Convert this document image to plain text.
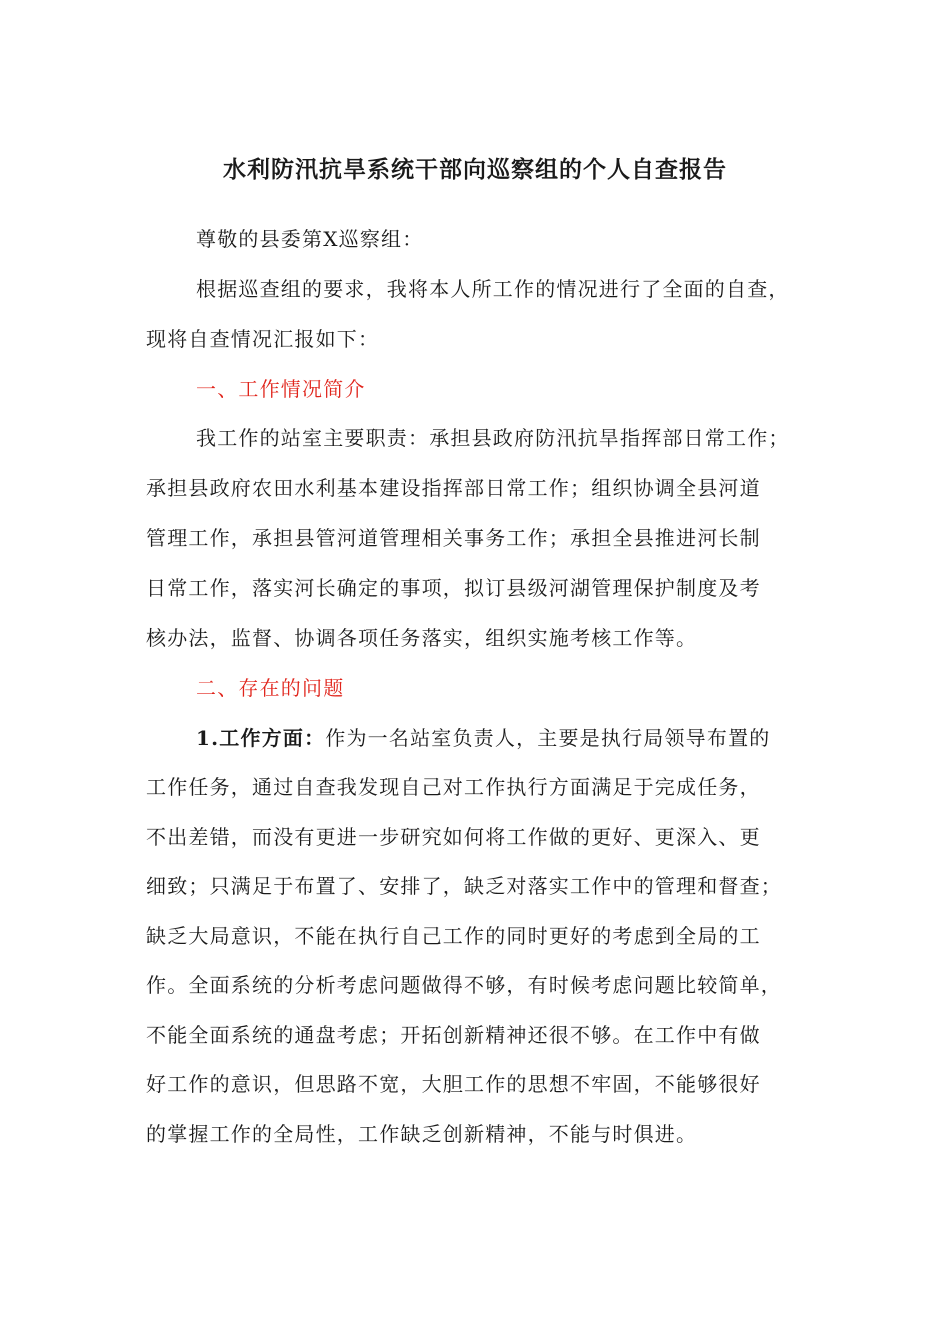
水利防汛抗旱系统干部向巡察组的个人自查报告
尊敬的县委第X巡察组：
根据巡查组的要求，我将本人所工作的情况进行了全面的自查，
现将自查情况汇报如下：
一、工作情况简介
我工作的站室主要职责：承担县政府防汛抗旱指挥部日常工作；
承担县政府农田水利基本建设指挥部日常工作；组织协调全县河道
管理工作，承担县管河道管理相关事务工作；承担全县推进河长制
日常工作，落实河长确定的事项，拟订县级河湖管理保护制度及考
核办法，监督、协调各项任务落实，组织实施考核工作等。
二、存在的问题
1.工作方面：作为一名站室负责人，主要是执行局领导布置的
工作任务，通过自查我发现自己对工作执行方面满足于完成任务，
不出差错，而没有更进一步研究如何将工作做的更好、更深入、更
细致；只满足于布置了、安排了，缺乏对落实工作中的管理和督查；
缺乏大局意识，不能在执行自己工作的同时更好的考虑到全局的工
作。全面系统的分析考虑问题做得不够，有时候考虑问题比较简单，
不能全面系统的通盘考虑；开拓创新精神还很不够。在工作中有做
好工作的意识，但思路不宽，大胆工作的思想不牢固，不能够很好
的掌握工作的全局性，工作缺乏创新精神，不能与时俱进。
